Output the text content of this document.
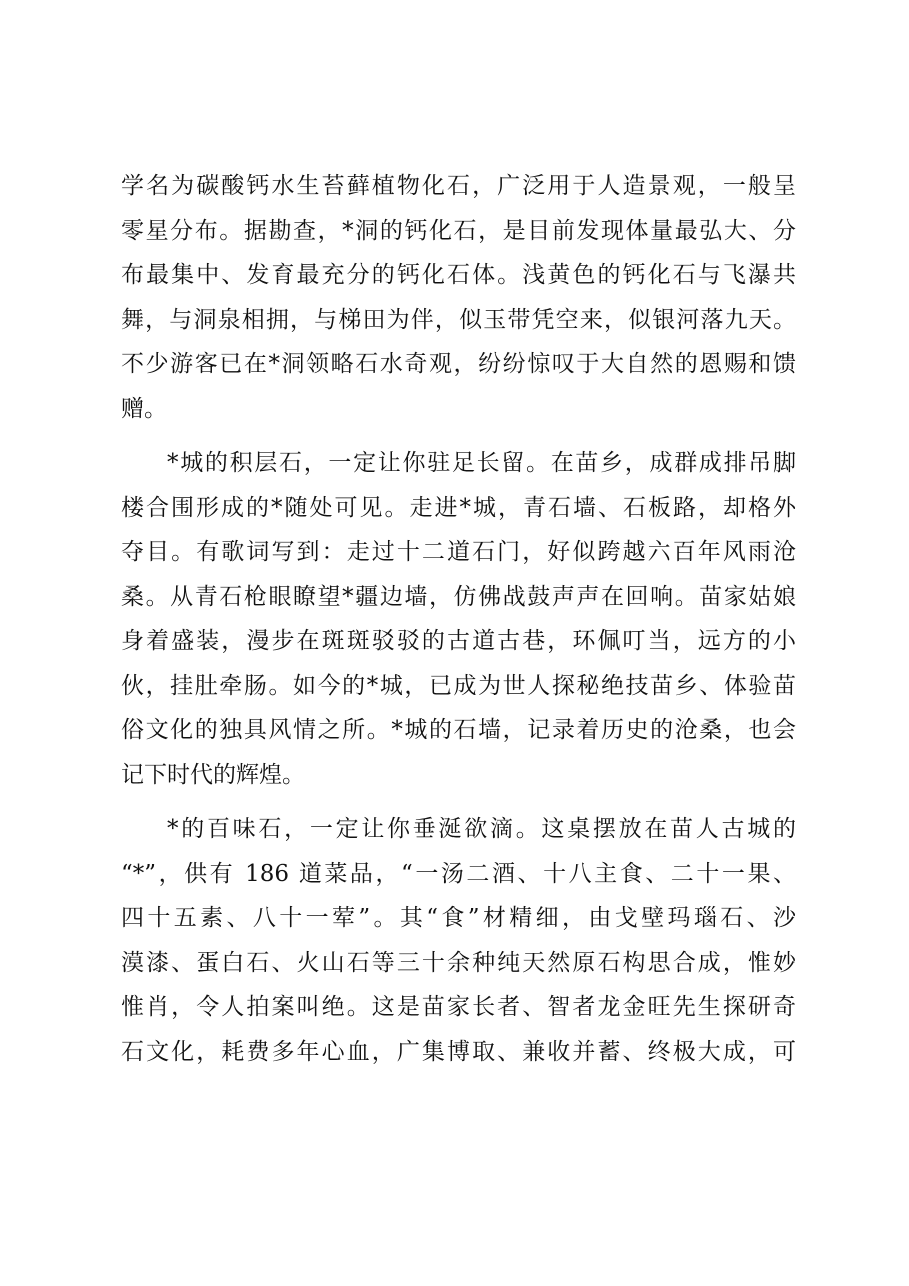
学名为碳酸钙水生苔藓植物化石，广泛用于人造景观，一般呈
零星分布。据勘查，*洞的钙化石，是目前发现体量最弘大、分
布最集中、发育最充分的钙化石体。浅黄色的钙化石与飞瀑共
舞，与洞泉相拥，与梯田为伴，似玉带凭空来，似银河落九天。
不少游客已在*洞领略石水奇观，纷纷惊叹于大自然的恩赐和馈
赠。
*城的积层石，一定让你驻足长留。在苗乡，成群成排吊脚
楼合围形成的*随处可见。走进*城，青石墙、石板路，却格外
夺目。有歌词写到：走过十二道石门，好似跨越六百年风雨沧
桑。从青石枪眼瞭望*疆边墙，仿佛战鼓声声在回响。苗家姑娘
身着盛装，漫步在斑斑驳驳的古道古巷，环佩叮当，远方的小
伙，挂肚牵肠。如今的*城，已成为世人探秘绝技苗乡、体验苗
俗文化的独具风情之所。*城的石墙，记录着历史的沧桑，也会
记下时代的辉煌。
*的百味石，一定让你垂涎欲滴。这桌摆放在苗人古城的
“*”，供有 186 道菜品，“一汤二酒、十八主食、二十一果、
四十五素、八十一荤”。其“食”材精细，由戈壁玛瑙石、沙
漠漆、蛋白石、火山石等三十余种纯天然原石构思合成，惟妙
惟肖，令人拍案叫绝。这是苗家长者、智者龙金旺先生探研奇
石文化，耗费多年心血，广集博取、兼收并蓄、终极大成，可
